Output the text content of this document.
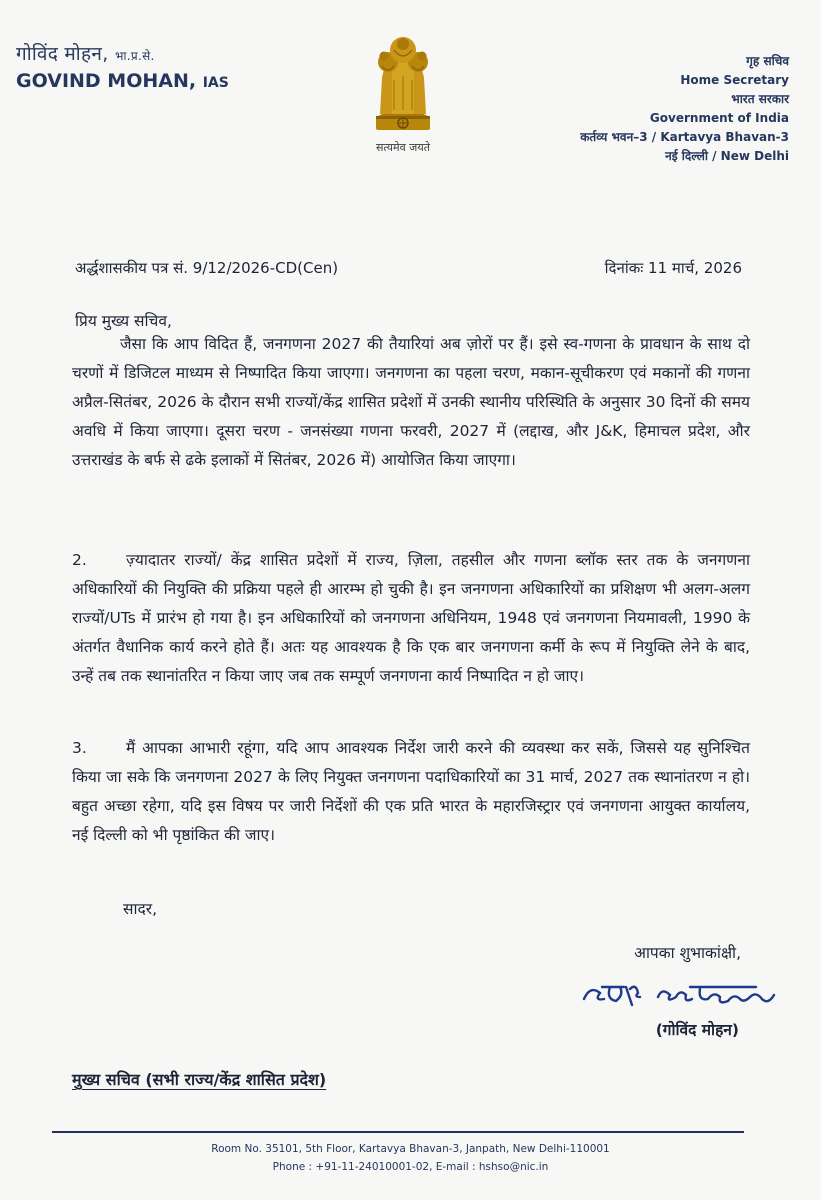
गोविंद मोहन, भा.प्र.से.
GOVIND MOHAN, IAS
सत्यमेव जयते
गृह सचिव
Home Secretary
भारत सरकार
Government of India
कर्तव्य भवन–3 / Kartavya Bhavan-3
नई दिल्ली / New Delhi
अर्द्धशासकीय पत्र सं. 9/12/2026-CD(Cen)	दिनांकः 11 मार्च, 2026
प्रिय मुख्य सचिव,

जैसा कि आप विदित हैं, जनगणना 2027 की तैयारियां अब ज़ोरों पर हैं। इसे स्व-गणना के प्रावधान के साथ दो चरणों में डिजिटल माध्यम से निष्पादित किया जाएगा। जनगणना का पहला चरण, मकान-सूचीकरण एवं मकानों की गणना अप्रैल-सितंबर, 2026 के दौरान सभी राज्यों/केंद्र शासित प्रदेशों में उनकी स्थानीय परिस्थिति के अनुसार 30 दिनों की समय अवधि में किया जाएगा। दूसरा चरण - जनसंख्या गणना फरवरी, 2027 में (लद्दाख, और J&K, हिमाचल प्रदेश, और उत्तराखंड के बर्फ से ढके इलाकों में सितंबर, 2026 में) आयोजित किया जाएगा।

2.	ज़्यादातर राज्यों/ केंद्र शासित प्रदेशों में राज्य, ज़िला, तहसील और गणना ब्लॉक स्तर तक के जनगणना अधिकारियों की नियुक्ति की प्रक्रिया पहले ही आरम्भ हो चुकी है। इन जनगणना अधिकारियों का प्रशिक्षण भी अलग-अलग राज्यों/UTs में प्रारंभ हो गया है। इन अधिकारियों को जनगणना अधिनियम, 1948 एवं जनगणना नियमावली, 1990 के अंतर्गत वैधानिक कार्य करने होते हैं। अतः यह आवश्यक है कि एक बार जनगणना कर्मी के रूप में नियुक्ति लेने के बाद, उन्हें तब तक स्थानांतरित न किया जाए जब तक सम्पूर्ण जनगणना कार्य निष्पादित न हो जाए।

3.	मैं आपका आभारी रहूंगा, यदि आप आवश्यक निर्देश जारी करने की व्यवस्था कर सकें, जिससे यह सुनिश्चित किया जा सके कि जनगणना 2027 के लिए नियुक्त जनगणना पदाधिकारियों का 31 मार्च, 2027 तक स्थानांतरण न हो। बहुत अच्छा रहेगा, यदि इस विषय पर जारी निर्देशों की एक प्रति भारत के महारजिस्ट्रार एवं जनगणना आयुक्त कार्यालय, नई दिल्ली को भी पृष्ठांकित की जाए।

सादर,
आपका शुभाकांक्षी,
(गोविंद मोहन)
मुख्य सचिव (सभी राज्य/केंद्र शासित प्रदेश)
Room No. 35101, 5th Floor, Kartavya Bhavan-3, Janpath, New Delhi-110001
Phone : +91-11-24010001-02, E-mail : hshso@nic.in
